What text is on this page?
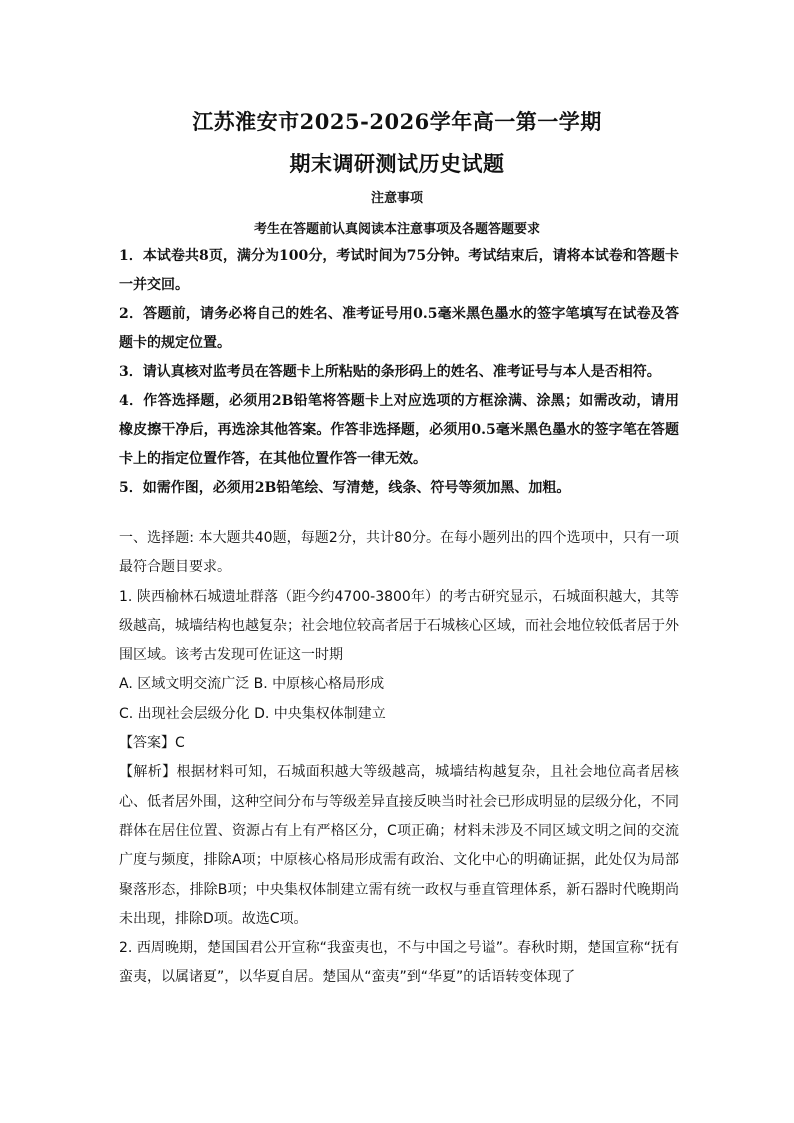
江苏淮安市2025-2026学年高一第一学期
期末调研测试历史试题
注意事项
考生在答题前认真阅读本注意事项及各题答题要求

1．本试卷共8页，满分为100分，考试时间为75分钟。考试结束后，请将本试卷和答题卡一并交回。

2．答题前，请务必将自己的姓名、准考证号用0.5毫米黑色墨水的签字笔填写在试卷及答题卡的规定位置。

3．请认真核对监考员在答题卡上所粘贴的条形码上的姓名、准考证号与本人是否相符。

4．作答选择题，必须用2B铅笔将答题卡上对应选项的方框涂满、涂黑；如需改动，请用橡皮擦干净后，再选涂其他答案。作答非选择题，必须用0.5毫米黑色墨水的签字笔在答题卡上的指定位置作答，在其他位置作答一律无效。

5．如需作图，必须用2B铅笔绘、写清楚，线条、符号等须加黑、加粗。

一、选择题: 本大题共40题，每题2分，共计80分。在每小题列出的四个选项中，只有一项最符合题目要求。

1. 陕西榆林石城遗址群落（距今约4700-3800年）的考古研究显示，石城面积越大，其等级越高，城墙结构也越复杂；社会地位较高者居于石城核心区域，而社会地位较低者居于外围区域。该考古发现可佐证这一时期

A. 区域文明交流广泛 B. 中原核心格局形成

C. 出现社会层级分化 D. 中央集权体制建立

【答案】C

【解析】根据材料可知，石城面积越大等级越高，城墙结构越复杂，且社会地位高者居核心、低者居外围，这种空间分布与等级差异直接反映当时社会已形成明显的层级分化，不同群体在居住位置、资源占有上有严格区分，C项正确；材料未涉及不同区域文明之间的交流广度与频度，排除A项；中原核心格局形成需有政治、文化中心的明确证据，此处仅为局部聚落形态，排除B项；中央集权体制建立需有统一政权与垂直管理体系，新石器时代晚期尚未出现，排除D项。故选C项。

2. 西周晚期，楚国国君公开宣称“我蛮夷也，不与中国之号谥”。春秋时期，楚国宣称“抚有蛮夷，以属诸夏”，以华夏自居。楚国从“蛮夷”到“华夏”的话语转变体现了
